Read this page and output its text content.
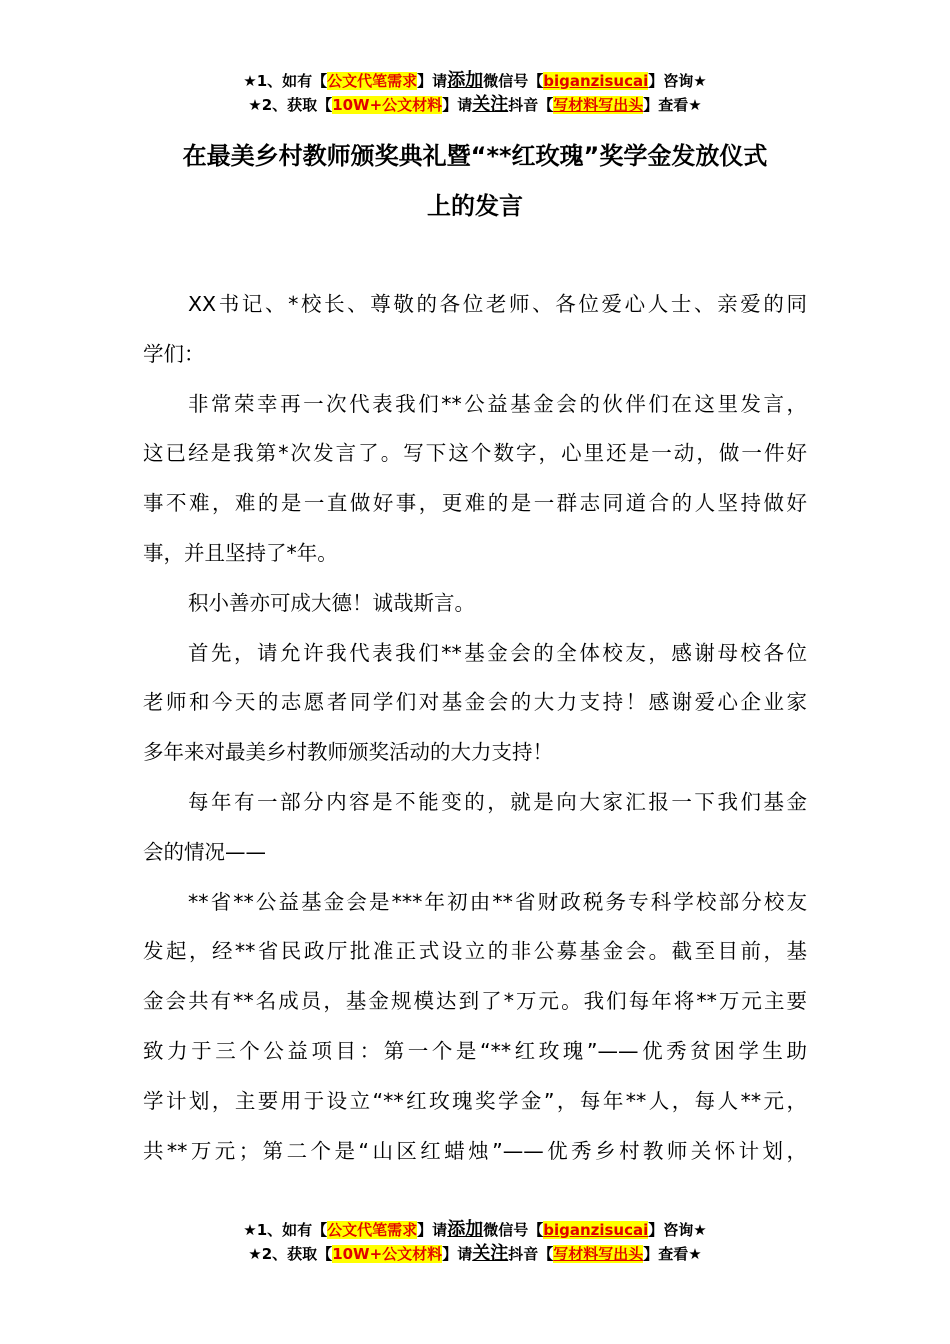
★1、如有【公文代笔需求】请添加微信号【biganzisucai】咨询★
★2、获取【10W+公文材料】请关注抖音【写材料写出头】查看★
在最美乡村教师颁奖典礼暨“**红玫瑰”奖学金发放仪式
上的发言
XX书记、*校长、尊敬的各位老师、各位爱心人士、亲爱的同
学们：
非常荣幸再一次代表我们**公益基金会的伙伴们在这里发言，
这已经是我第*次发言了。写下这个数字，心里还是一动，做一件好
事不难，难的是一直做好事，更难的是一群志同道合的人坚持做好
事，并且坚持了*年。
积小善亦可成大德！诚哉斯言。
首先，请允许我代表我们**基金会的全体校友，感谢母校各位
老师和今天的志愿者同学们对基金会的大力支持！感谢爱心企业家
多年来对最美乡村教师颁奖活动的大力支持！
每年有一部分内容是不能变的，就是向大家汇报一下我们基金
会的情况——
**省**公益基金会是***年初由**省财政税务专科学校部分校友
发起，经**省民政厅批准正式设立的非公募基金会。截至目前，基
金会共有**名成员，基金规模达到了*万元。我们每年将**万元主要
致力于三个公益项目：第一个是“**红玫瑰”——优秀贫困学生助
学计划，主要用于设立“**红玫瑰奖学金”，每年**人，每人**元，
共**万元；第二个是“山区红蜡烛”——优秀乡村教师关怀计划，
★1、如有【公文代笔需求】请添加微信号【biganzisucai】咨询★
★2、获取【10W+公文材料】请关注抖音【写材料写出头】查看★
